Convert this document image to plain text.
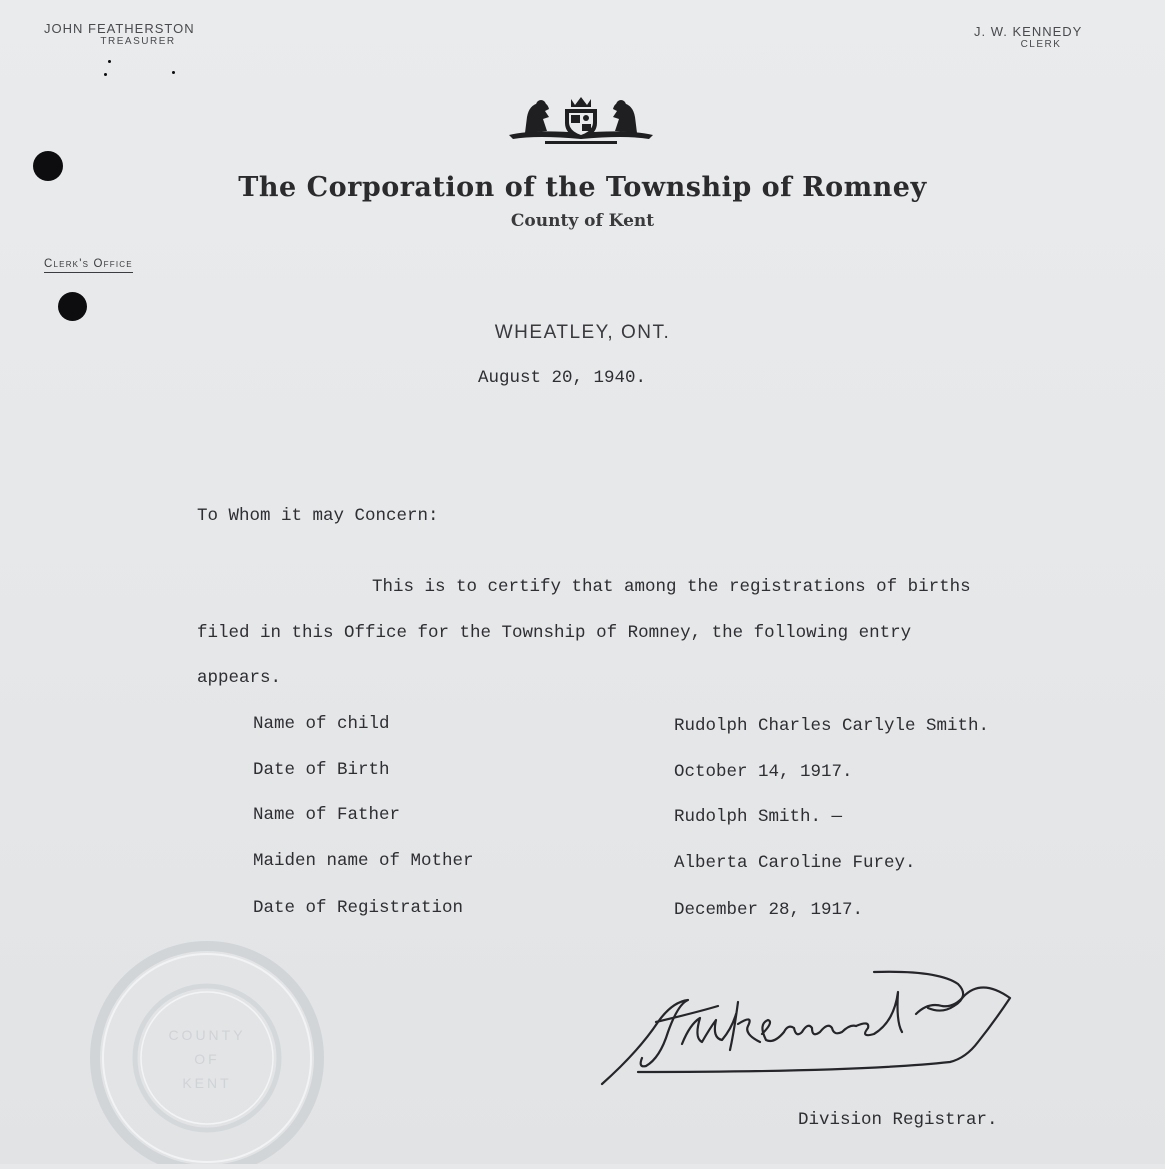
JOHN FEATHERSTON
TREASURER
J. W. KENNEDY
CLERK
Clerk's Office
The Corporation of the Township of Romney
County of Kent
WHEATLEY, ONT.
August 20, 1940.
To Whom it may Concern:
This is to certify that among the registrations of births
filed in this Office for the Township of Romney, the following entry
appears.
Name of child	Rudolph Charles Carlyle Smith.
Date of Birth	October 14, 1917.
Name of Father	Rudolph Smith. —
Maiden name of Mother	Alberta Caroline Furey.
Date of Registration	December 28, 1917.
COUNTY
OF
KENT
Division Registrar.
